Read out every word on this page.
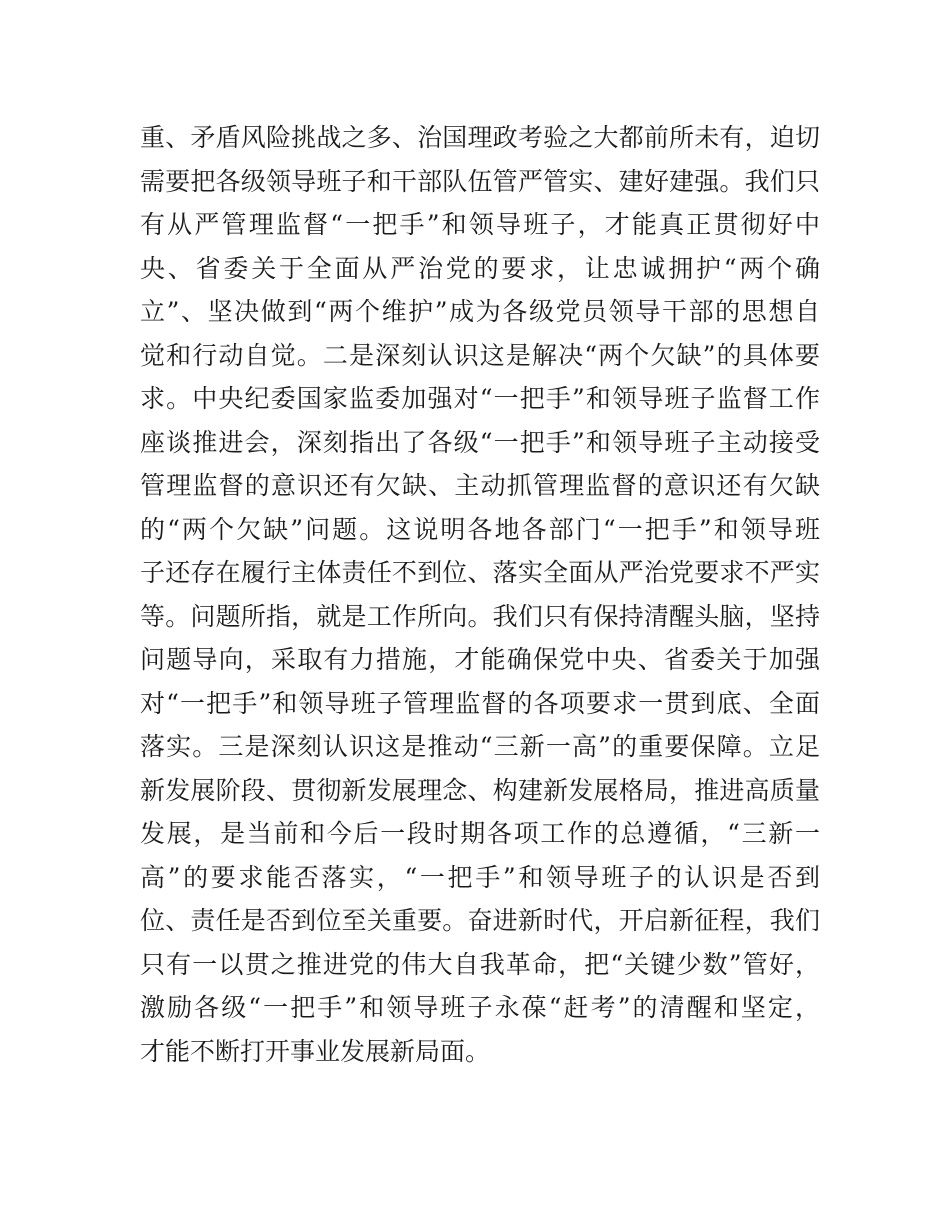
重、矛盾风险挑战之多、治国理政考验之大都前所未有，迫切
需要把各级领导班子和干部队伍管严管实、建好建强。我们只
有从严管理监督“一把手”和领导班子，才能真正贯彻好中
央、省委关于全面从严治党的要求，让忠诚拥护“两个确
立”、坚决做到“两个维护”成为各级党员领导干部的思想自
觉和行动自觉。二是深刻认识这是解决“两个欠缺”的具体要
求。中央纪委国家监委加强对“一把手”和领导班子监督工作
座谈推进会，深刻指出了各级“一把手”和领导班子主动接受
管理监督的意识还有欠缺、主动抓管理监督的意识还有欠缺
的“两个欠缺”问题。这说明各地各部门“一把手”和领导班
子还存在履行主体责任不到位、落实全面从严治党要求不严实
等。问题所指，就是工作所向。我们只有保持清醒头脑，坚持
问题导向，采取有力措施，才能确保党中央、省委关于加强
对“一把手”和领导班子管理监督的各项要求一贯到底、全面
落实。三是深刻认识这是推动“三新一高”的重要保障。立足
新发展阶段、贯彻新发展理念、构建新发展格局，推进高质量
发展，是当前和今后一段时期各项工作的总遵循，“三新一
高”的要求能否落实，“一把手”和领导班子的认识是否到
位、责任是否到位至关重要。奋进新时代，开启新征程，我们
只有一以贯之推进党的伟大自我革命，把“关键少数”管好，
激励各级“一把手”和领导班子永葆“赶考”的清醒和坚定，
才能不断打开事业发展新局面。
